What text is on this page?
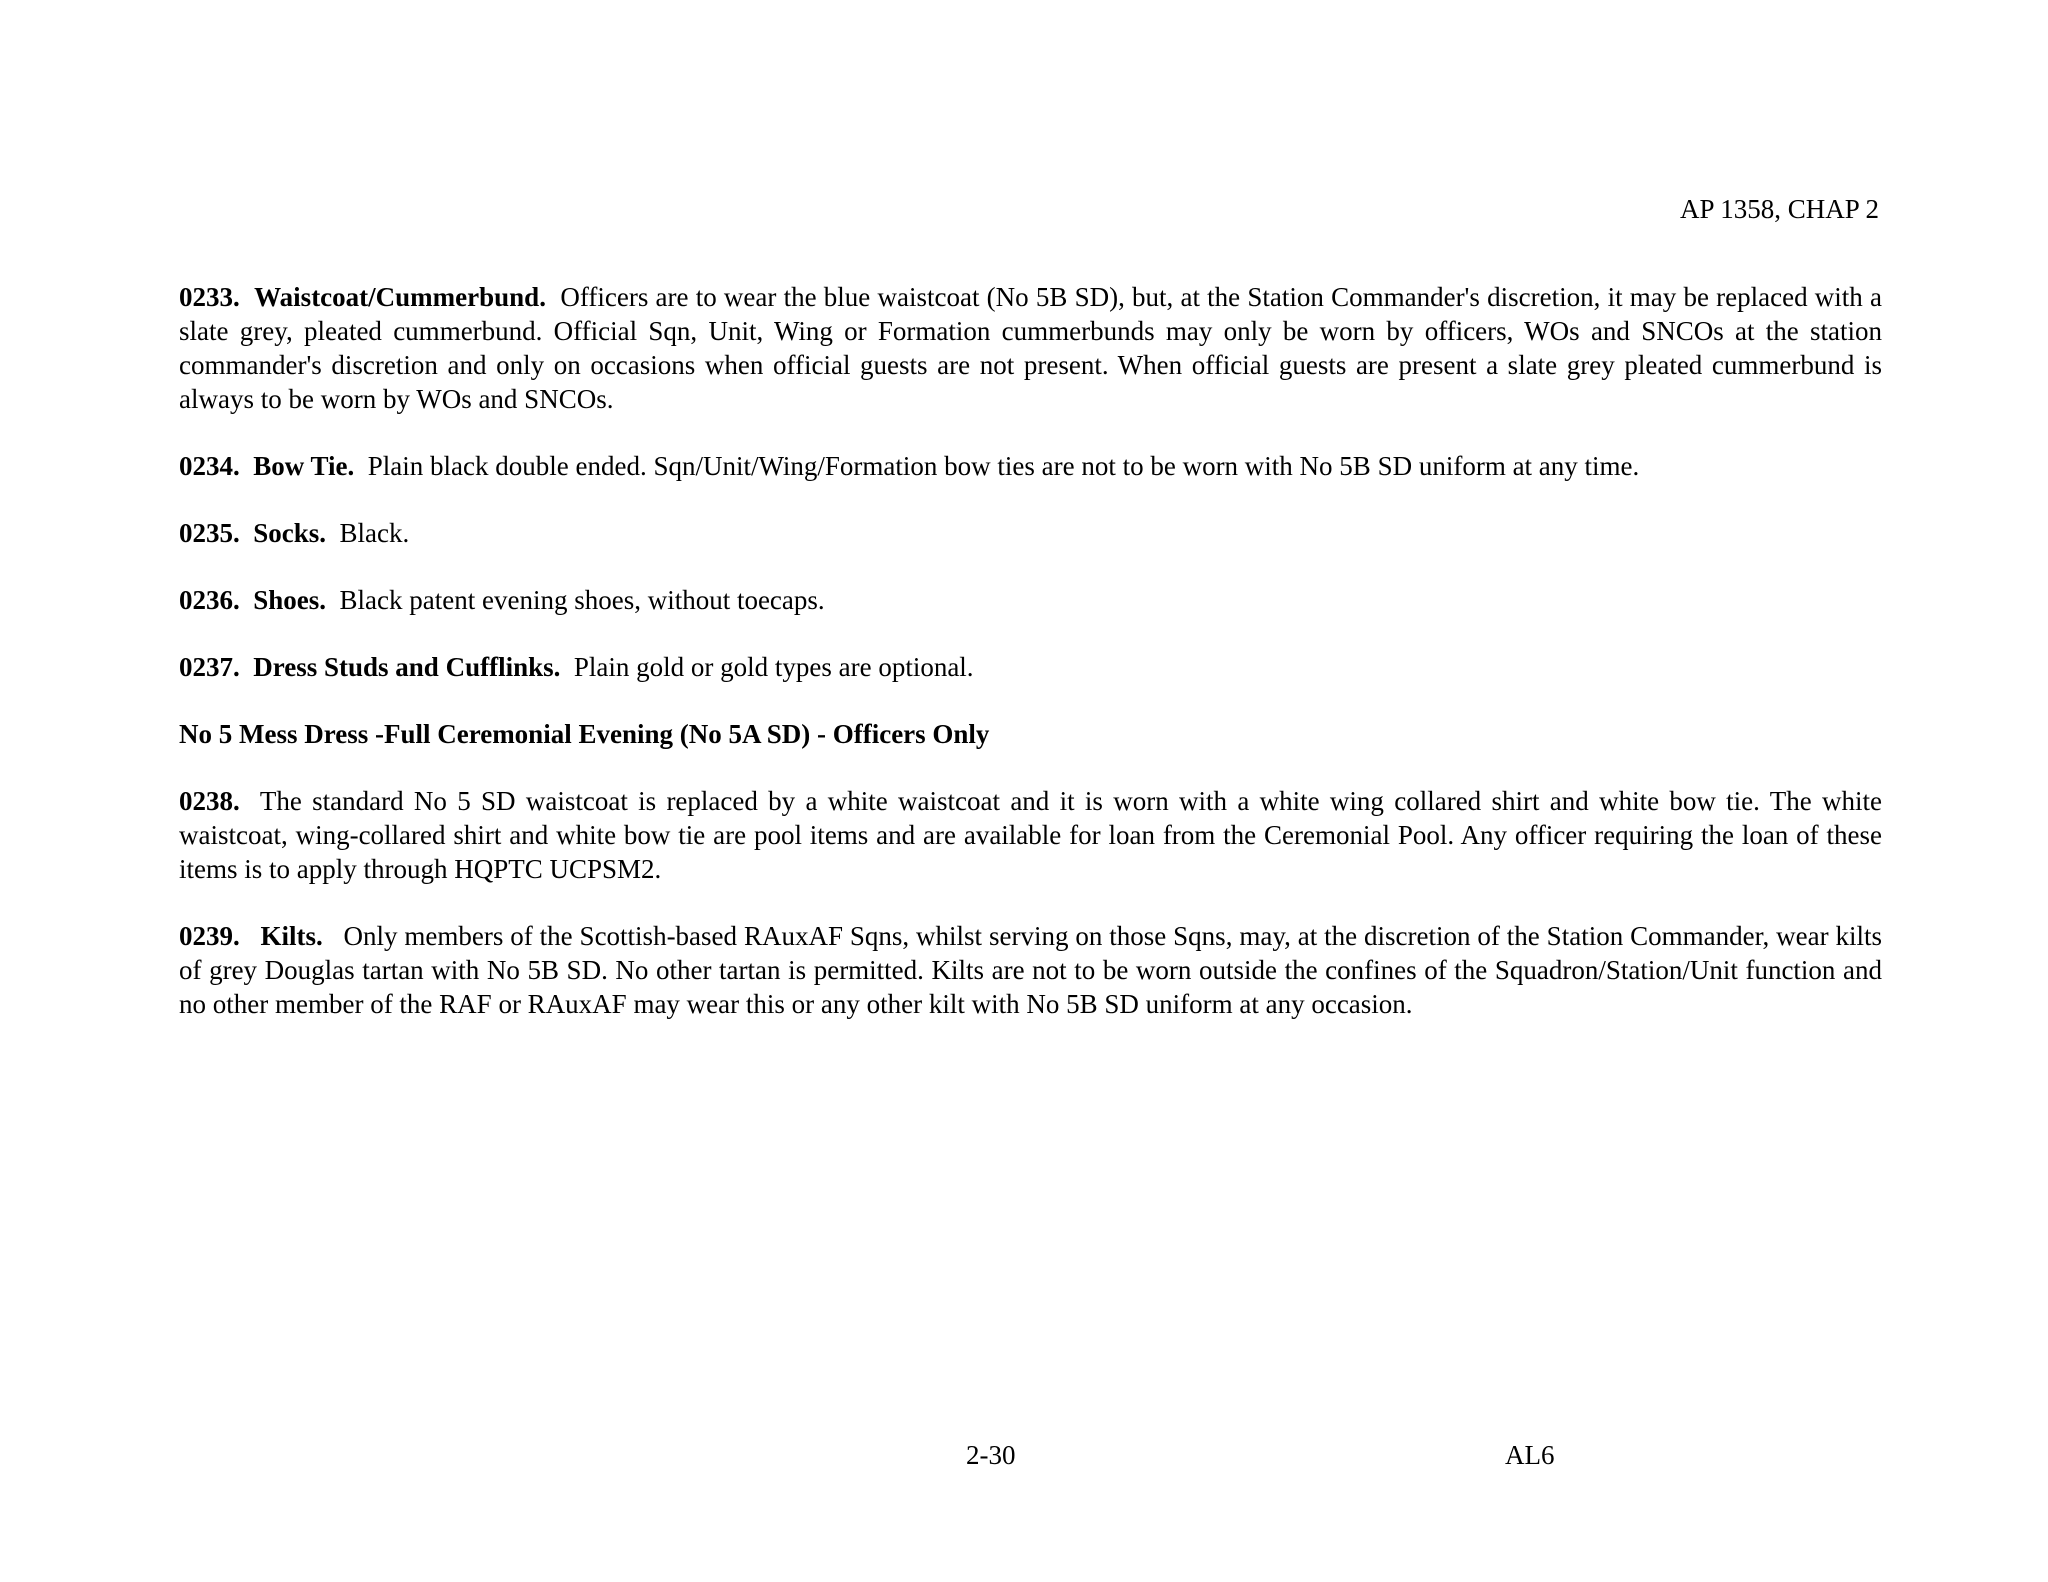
AP 1358, CHAP 2

0233. Waistcoat/Cummerbund. Officers are to wear the blue waistcoat (No 5B SD), but, at the Station Commander's discretion, it may be replaced with a slate grey, pleated cummerbund. Official Sqn, Unit, Wing or Formation cummerbunds may only be worn by officers, WOs and SNCOs at the station commander's discretion and only on occasions when official guests are not present. When official guests are present a slate grey pleated cummerbund is always to be worn by WOs and SNCOs.

0234. Bow Tie. Plain black double ended. Sqn/Unit/Wing/Formation bow ties are not to be worn with No 5B SD uniform at any time.

0235. Socks. Black.

0236. Shoes. Black patent evening shoes, without toecaps.

0237. Dress Studs and Cufflinks. Plain gold or gold types are optional.

No 5 Mess Dress -Full Ceremonial Evening (No 5A SD) - Officers Only

0238. The standard No 5 SD waistcoat is replaced by a white waistcoat and it is worn with a white wing collared shirt and white bow tie. The white waistcoat, wing-collared shirt and white bow tie are pool items and are available for loan from the Ceremonial Pool. Any officer requiring the loan of these items is to apply through HQPTC UCPSM2.

0239. Kilts. Only members of the Scottish-based RAuxAF Sqns, whilst serving on those Sqns, may, at the discretion of the Station Commander, wear kilts of grey Douglas tartan with No 5B SD. No other tartan is permitted. Kilts are not to be worn outside the confines of the Squadron/Station/Unit function and no other member of the RAF or RAuxAF may wear this or any other kilt with No 5B SD uniform at any occasion.

2-30	AL6
